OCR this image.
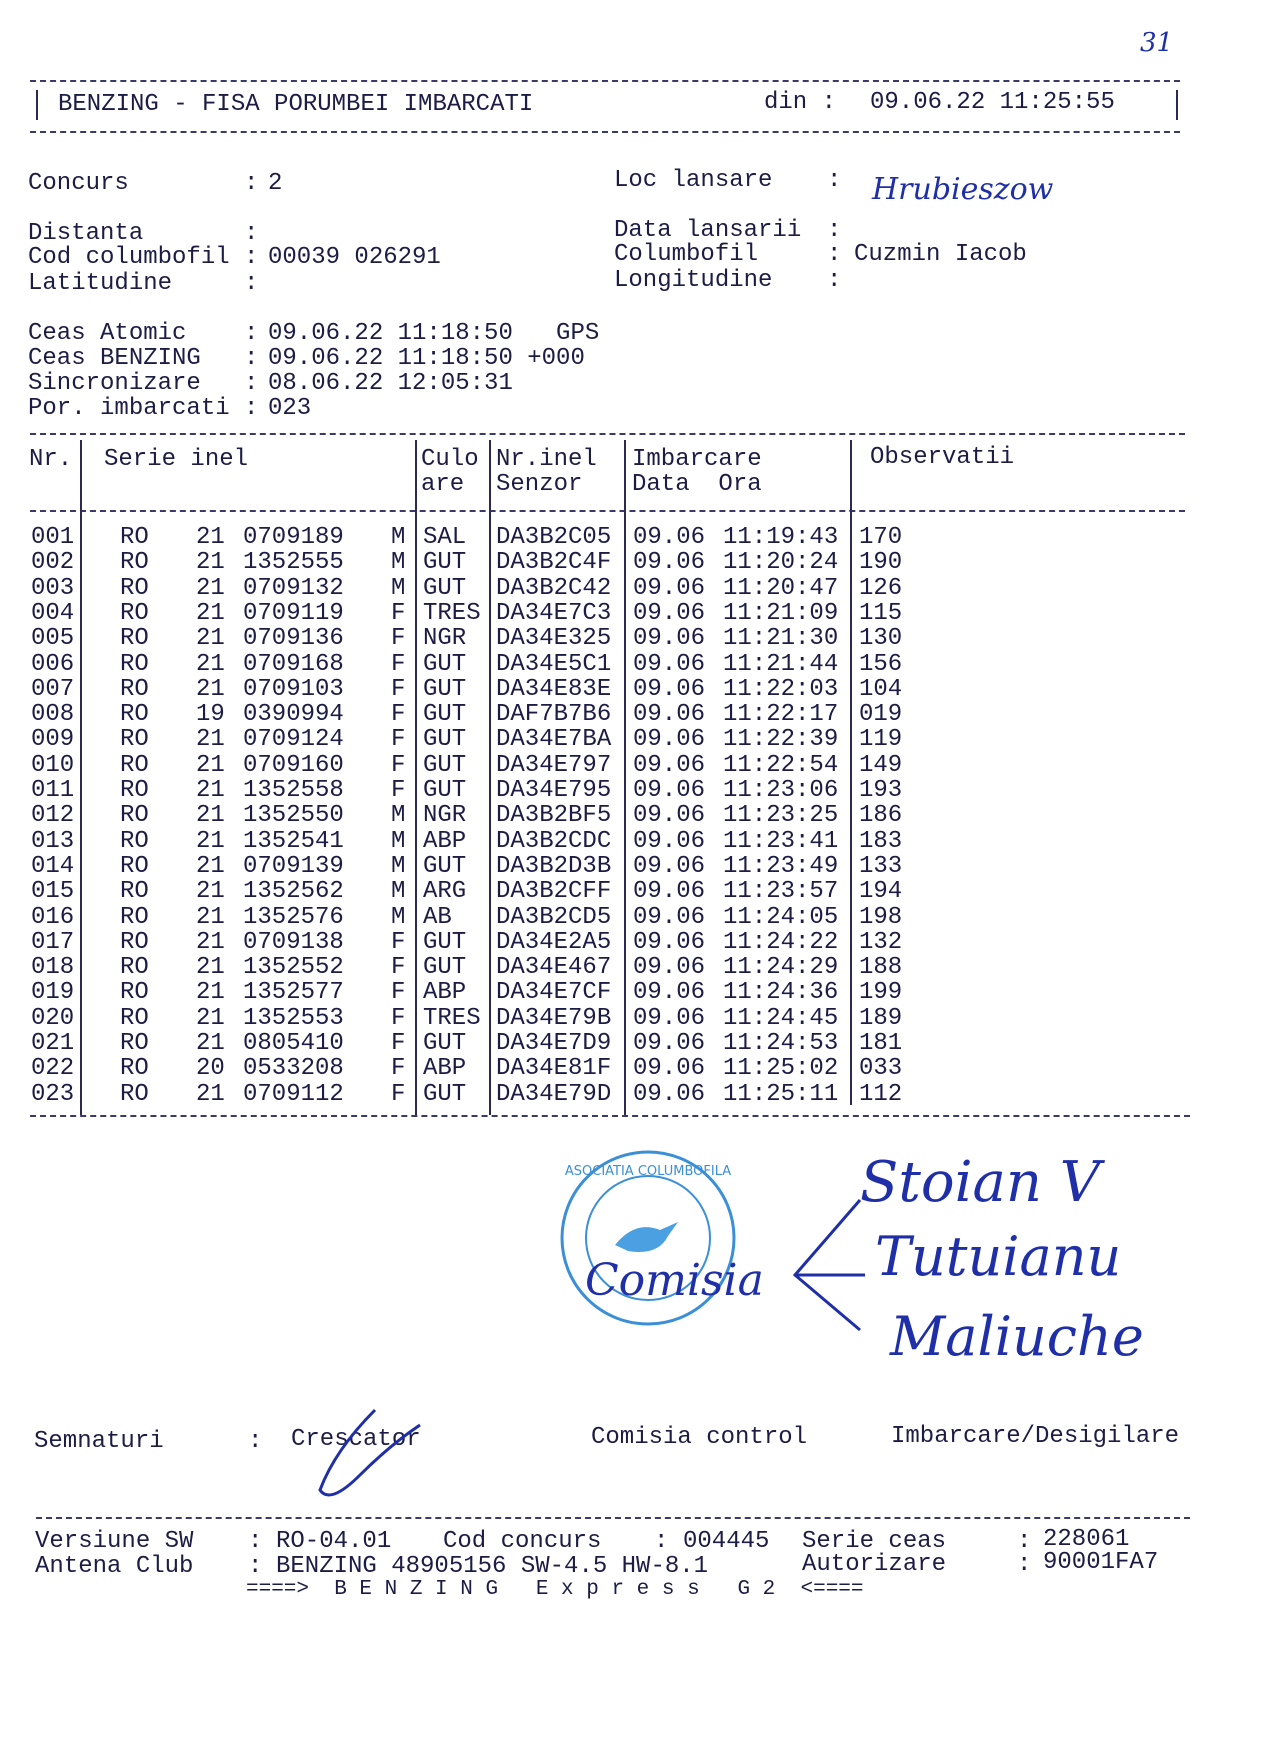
31
BENZING - FISA PORUMBEI IMBARCATI	din : 09.06.22 11:25:55
Concurs	: 2
Distanta	:
Cod columbofil : 00039 026291
Latitudine	:
Loc lansare : Hrubieszow
Data lansarii :
Columbofil	: Cuzmin Iacob
Longitudine :
Ceas Atomic : 09.06.22 11:18:50   GPS
Ceas BENZING : 09.06.22 11:18:50 +000
Sincronizare : 08.06.22 12:05:31
Por. imbarcati : 023
Nr. Serie inel	Culo
are
Nr.inel
Senzor
Imbarcare
Data  Ora
Observatii
001 RO 21 0709189 M SAL DA3B2C05 09.06 11:19:43 170
002 RO 21 1352555 M GUT DA3B2C4F 09.06 11:20:24 190
003 RO 21 0709132 M GUT DA3B2C42 09.06 11:20:47 126
004 RO 21 0709119 F TRES DA34E7C3 09.06 11:21:09 115
005 RO 21 0709136 F NGR DA34E325 09.06 11:21:30 130
006 RO 21 0709168 F GUT DA34E5C1 09.06 11:21:44 156
007 RO 21 0709103 F GUT DA34E83E 09.06 11:22:03 104
008 RO 19 0390994 F GUT DAF7B7B6 09.06 11:22:17 019
009 RO 21 0709124 F GUT DA34E7BA 09.06 11:22:39 119
010 RO 21 0709160 F GUT DA34E797 09.06 11:22:54 149
011 RO 21 1352558 F GUT DA34E795 09.06 11:23:06 193
012 RO 21 1352550 M NGR DA3B2BF5 09.06 11:23:25 186
013 RO 21 1352541 M ABP DA3B2CDC 09.06 11:23:41 183
014 RO 21 0709139 M GUT DA3B2D3B 09.06 11:23:49 133
015 RO 21 1352562 M ARG DA3B2CFF 09.06 11:23:57 194
016 RO 21 1352576 M AB DA3B2CD5 09.06 11:24:05 198
017 RO 21 0709138 F GUT DA34E2A5 09.06 11:24:22 132
018 RO 21 1352552 F GUT DA34E467 09.06 11:24:29 188
019 RO 21 1352577 F ABP DA34E7CF 09.06 11:24:36 199
020 RO 21 1352553 F TRES DA34E79B 09.06 11:24:45 189
021 RO 21 0805410 F GUT DA34E7D9 09.06 11:24:53 181
022 RO 20 0533208 F ABP DA34E81F 09.06 11:25:02 033
023 RO 21 0709112 F GUT DA34E79D 09.06 11:25:11 112
ASOCIATIA COLUMBOFILA
Comisia
Stoian V
Tutuianu
Maliuche
Semnaturi	: Crescator	Comisia control	Imbarcare/Desigilare
Versiune SW : RO-04.01 Cod concurs : 004445 Serie ceas	: 228061
Antena Club : BENZING 48905156 SW-4.5 HW-8.1	Autorizare	: 90001FA7
====>  B E N Z I N G   E x p r e s s   G 2  <====
